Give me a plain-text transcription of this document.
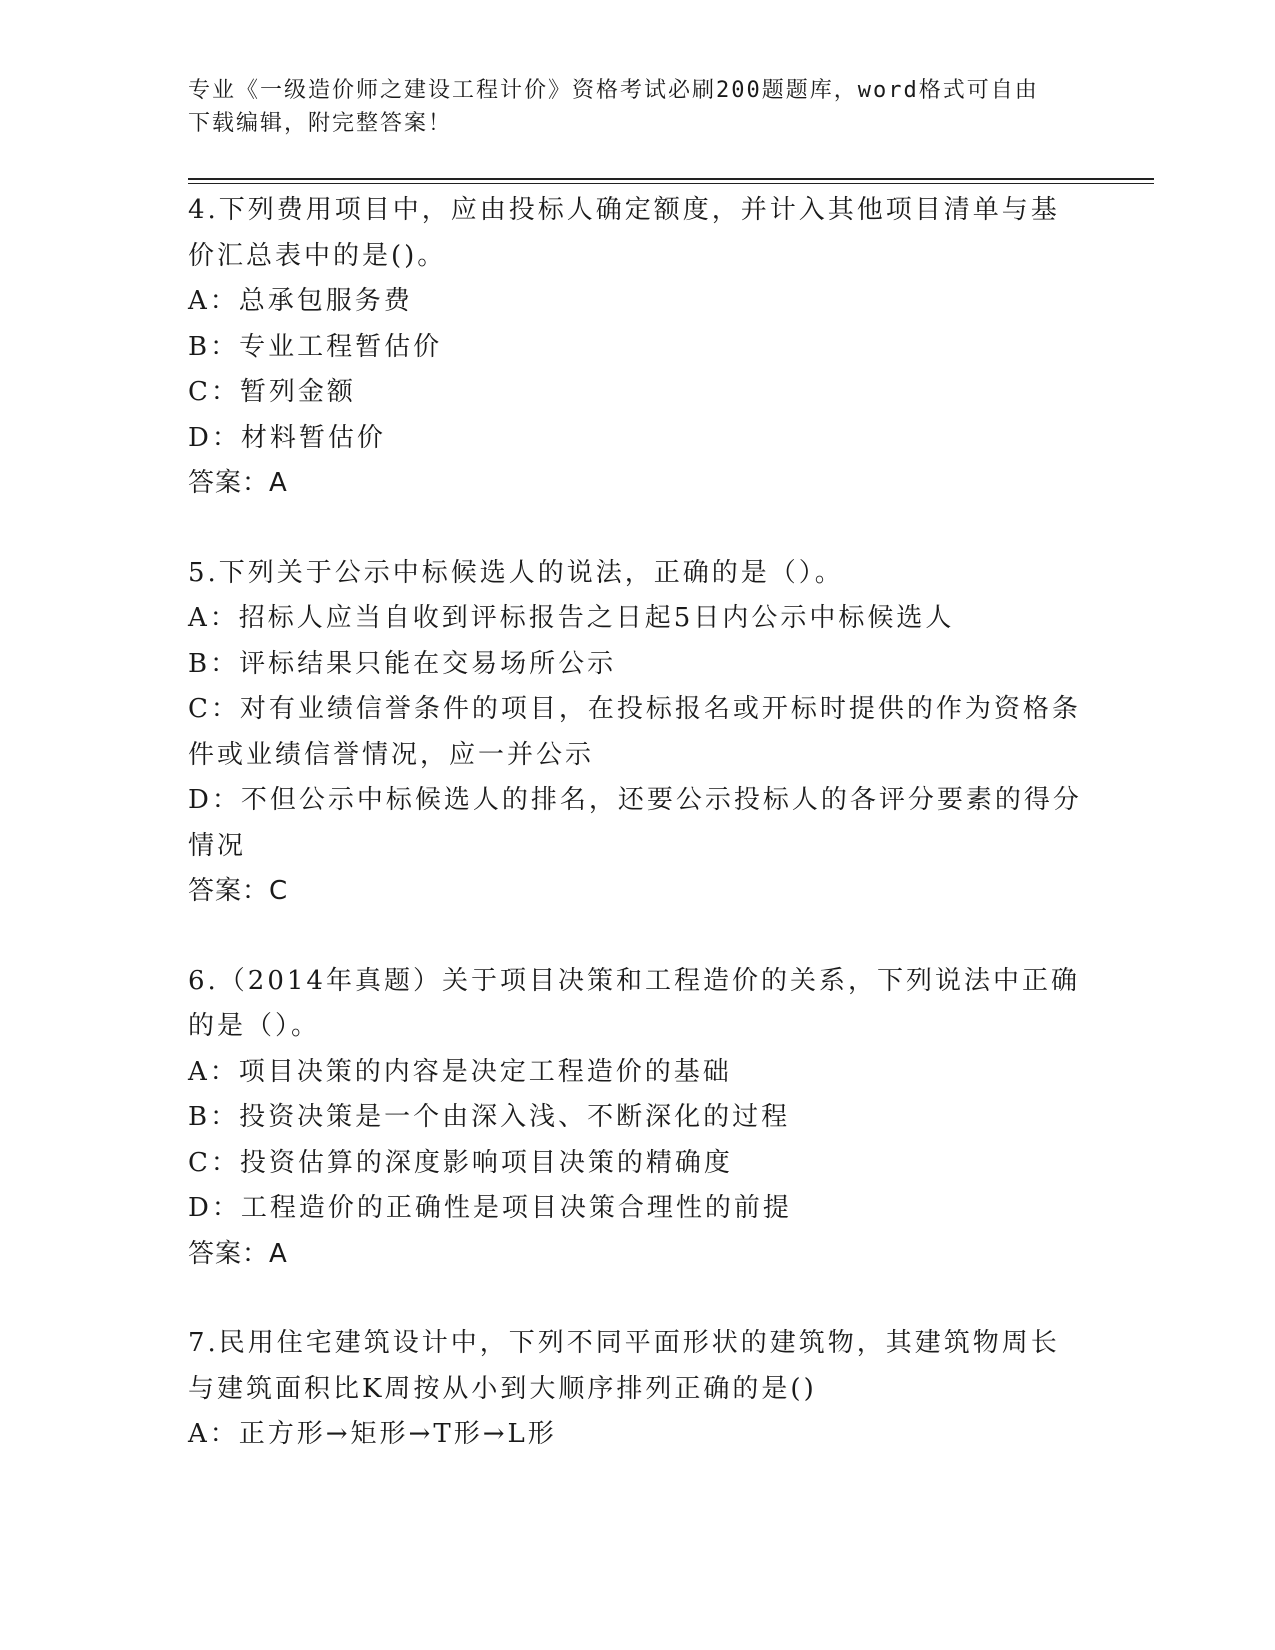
专业《一级造价师之建设工程计价》资格考试必刷200题题库，word格式可自由
下载编辑，附完整答案！

4.下列费用项目中，应由投标人确定额度，并计入其他项目清单与基价汇总表中的是()。

A：总承包服务费

B：专业工程暂估价

C：暂列金额

D：材料暂估价

答案：A

5.下列关于公示中标候选人的说法，正确的是（）。

A：招标人应当自收到评标报告之日起5日内公示中标候选人

B：评标结果只能在交易场所公示

C：对有业绩信誉条件的项目，在投标报名或开标时提供的作为资格条件或业绩信誉情况，应一并公示

D：不但公示中标候选人的排名，还要公示投标人的各评分要素的得分情况

答案：C

6.（2014年真题）关于项目决策和工程造价的关系，下列说法中正确的是（）。

A：项目决策的内容是决定工程造价的基础

B：投资决策是一个由深入浅、不断深化的过程

C：投资估算的深度影响项目决策的精确度

D：工程造价的正确性是项目决策合理性的前提

答案：A

7.民用住宅建筑设计中，下列不同平面形状的建筑物，其建筑物周长与建筑面积比K周按从小到大顺序排列正确的是()

A：正方形→矩形→T形→L形
